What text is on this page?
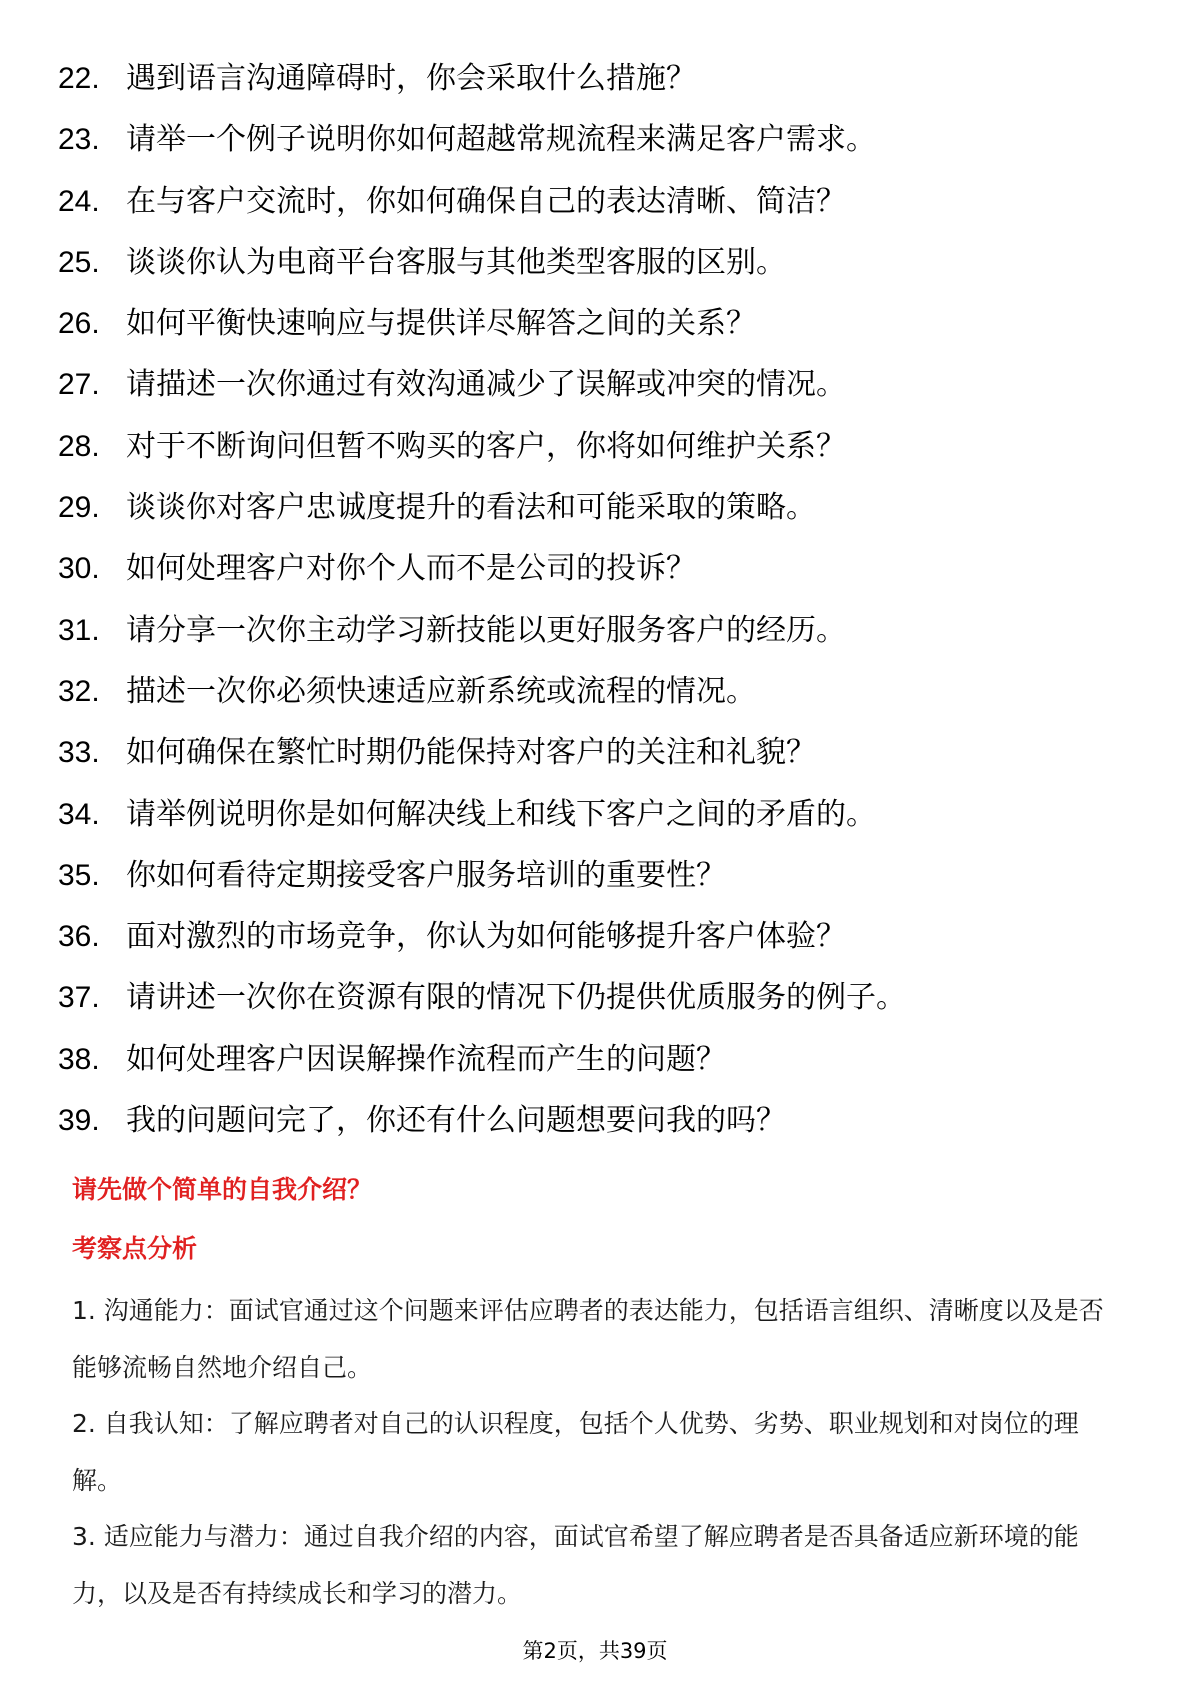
22. 遇到语言沟通障碍时，你会采取什么措施？
23. 请举一个例子说明你如何超越常规流程来满足客户需求。
24. 在与客户交流时，你如何确保自己的表达清晰、简洁？
25. 谈谈你认为电商平台客服与其他类型客服的区别。
26. 如何平衡快速响应与提供详尽解答之间的关系？
27. 请描述一次你通过有效沟通减少了误解或冲突的情况。
28. 对于不断询问但暂不购买的客户，你将如何维护关系？
29. 谈谈你对客户忠诚度提升的看法和可能采取的策略。
30. 如何处理客户对你个人而不是公司的投诉？
31. 请分享一次你主动学习新技能以更好服务客户的经历。
32. 描述一次你必须快速适应新系统或流程的情况。
33. 如何确保在繁忙时期仍能保持对客户的关注和礼貌？
34. 请举例说明你是如何解决线上和线下客户之间的矛盾的。
35. 你如何看待定期接受客户服务培训的重要性？
36. 面对激烈的市场竞争，你认为如何能够提升客户体验？
37. 请讲述一次你在资源有限的情况下仍提供优质服务的例子。
38. 如何处理客户因误解操作流程而产生的问题？
39. 我的问题问完了，你还有什么问题想要问我的吗？
请先做个简单的自我介绍？
考察点分析

1. 沟通能力：面试官通过这个问题来评估应聘者的表达能力，包括语言组织、清晰度以及是否能够流畅自然地介绍自己。

2. 自我认知：了解应聘者对自己的认识程度，包括个人优势、劣势、职业规划和对岗位的理解。

3. 适应能力与潜力：通过自我介绍的内容，面试官希望了解应聘者是否具备适应新环境的能力，以及是否有持续成长和学习的潜力。

第2页，共39页
